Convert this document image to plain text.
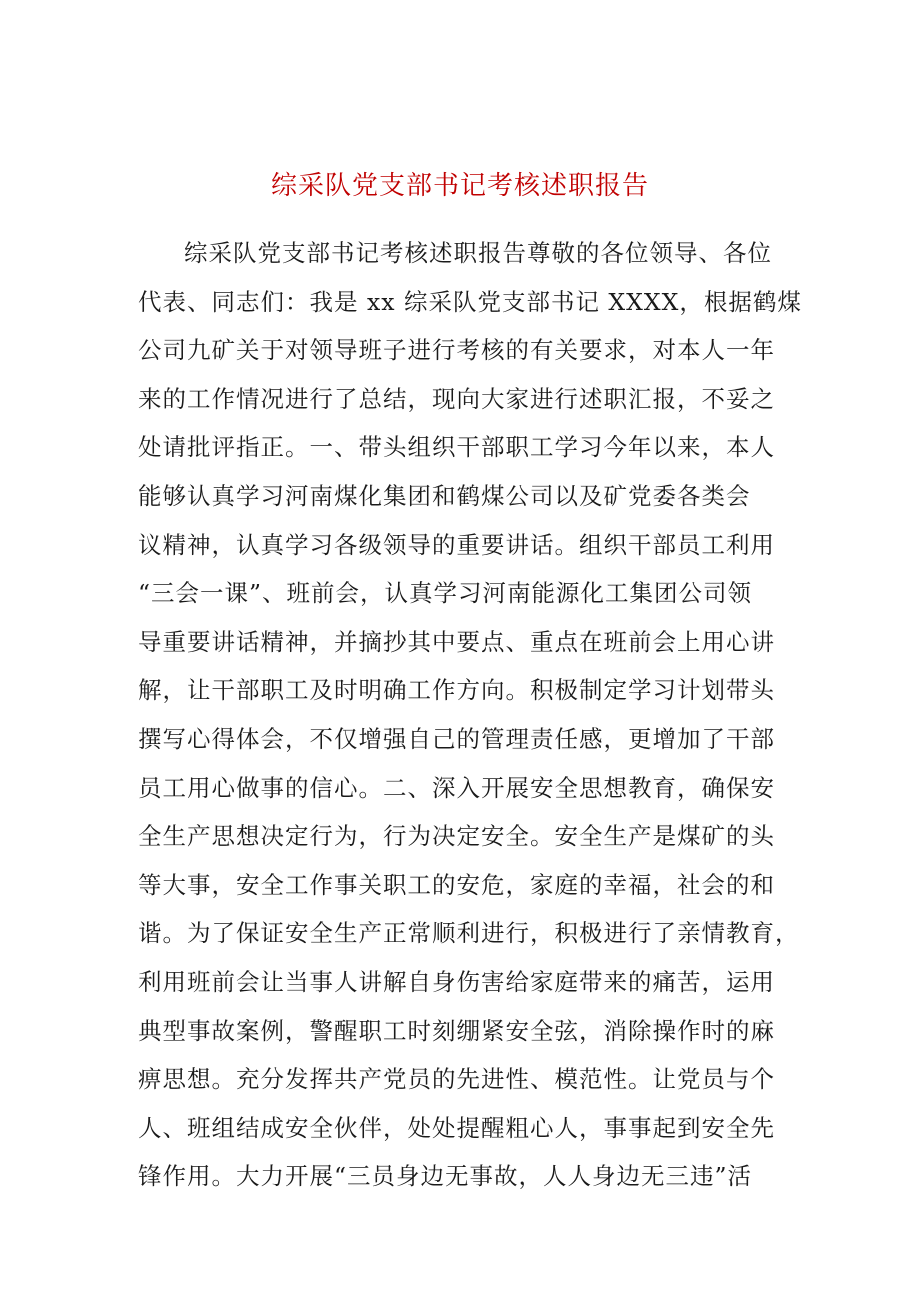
综采队党支部书记考核述职报告
综采队党支部书记考核述职报告尊敬的各位领导、各位
代表、同志们：我是 xx 综采队党支部书记 XXXX，根据鹤煤
公司九矿关于对领导班子进行考核的有关要求，对本人一年
来的工作情况进行了总结，现向大家进行述职汇报，不妥之
处请批评指正。一、带头组织干部职工学习今年以来，本人
能够认真学习河南煤化集团和鹤煤公司以及矿党委各类会
议精神，认真学习各级领导的重要讲话。组织干部员工利用
“三会一课”、班前会，认真学习河南能源化工集团公司领
导重要讲话精神，并摘抄其中要点、重点在班前会上用心讲
解，让干部职工及时明确工作方向。积极制定学习计划带头
撰写心得体会，不仅增强自己的管理责任感，更增加了干部
员工用心做事的信心。二、深入开展安全思想教育，确保安
全生产思想决定行为，行为决定安全。安全生产是煤矿的头
等大事，安全工作事关职工的安危，家庭的幸福，社会的和
谐。为了保证安全生产正常顺利进行，积极进行了亲情教育，
利用班前会让当事人讲解自身伤害给家庭带来的痛苦，运用
典型事故案例，警醒职工时刻绷紧安全弦，消除操作时的麻
痹思想。充分发挥共产党员的先进性、模范性。让党员与个
人、班组结成安全伙伴，处处提醒粗心人，事事起到安全先
锋作用。大力开展“三员身边无事故，人人身边无三违”活
